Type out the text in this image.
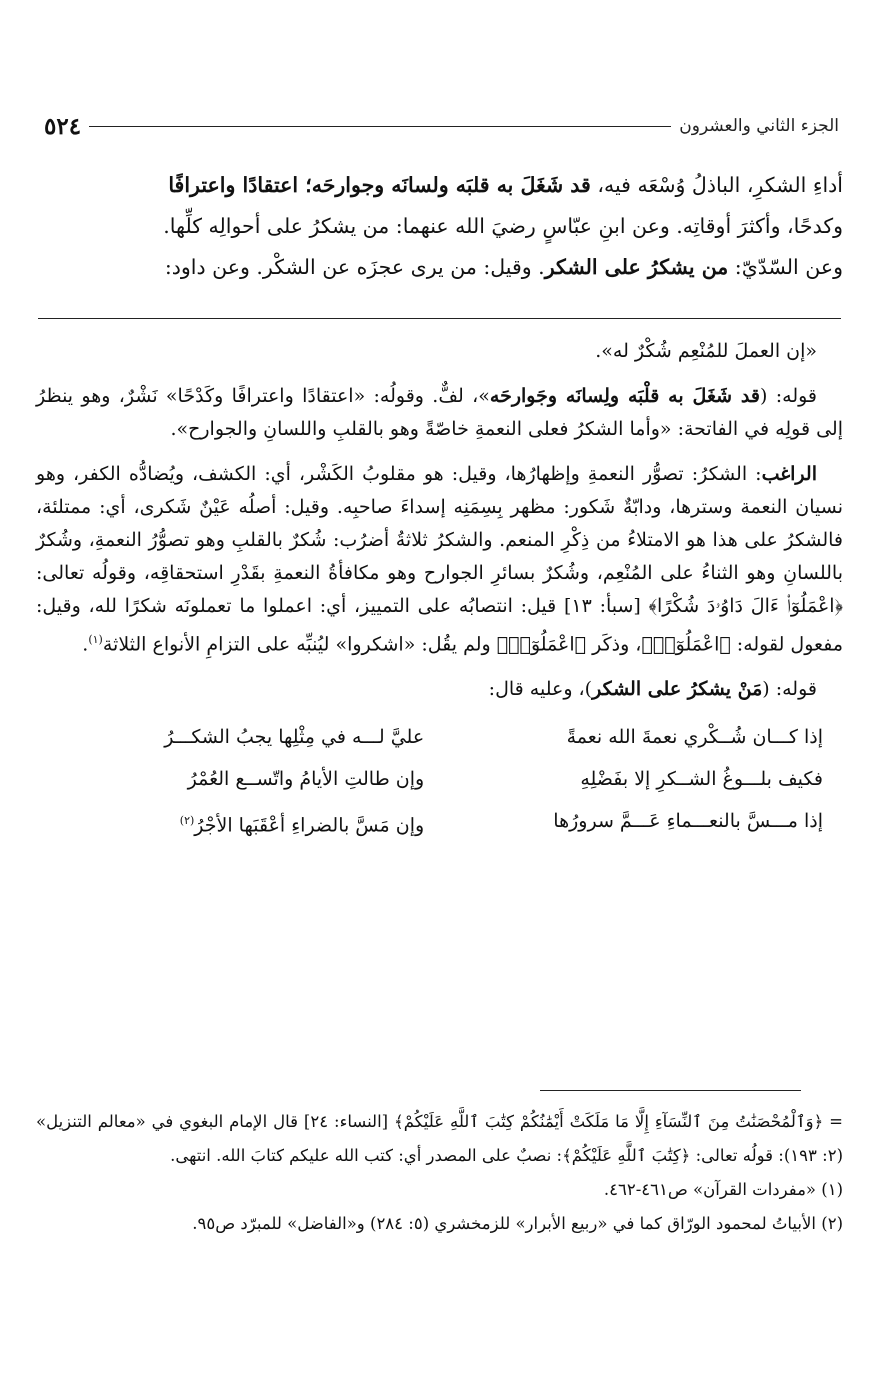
الجزء الثاني والعشرون
٥٢٤

أداءِ الشكرِ، الباذلُ وُسْعَه فيه، قد شَغَلَ به قلبَه ولسانَه وجوارحَه؛ اعتقادًا واعترافًا

وكدحًا، وأكثرَ أوقاتِه. وعن ابنِ عبّاسٍ رضيَ الله عنهما: من يشكرُ على أحوالِه كلِّها.

وعن السّدّيّ: من يشكرُ على الشكر. وقيل: من يرى عجزَه عن الشكْر. وعن داود:

«إن العملَ للمُنْعِم شُكْرٌ له».

قوله: (قد شَغَلَ به قلْبَه ولِسانَه وجَوارحَه»، لفٌّ. وقولُه: «اعتقادًا واعترافًا وكَدْحًا» نَشْرٌ، وهو ينظرُ إلى قولِه في الفاتحة: «وأما الشكرُ فعلى النعمةِ خاصّةً وهو بالقلبِ واللسانِ والجوارح».

الراغب: الشكرُ: تصوُّر النعمةِ وإظهارُها، وقيل: هو مقلوبُ الكَشْر، أي: الكشف، ويُضادُّه الكفر، وهو نسيان النعمة وسترها، ودابّةٌ شَكور: مظهر بِسِمَنِه إسداءَ صاحبِه. وقيل: أصلُه عَيْنٌ شَكرى، أي: ممتلئة، فالشكرُ على هذا هو الامتلاءُ من ذِكْرِ المنعم. والشكرُ ثلاثةُ أضرُب: شُكرٌ بالقلبِ وهو تصوُّرُ النعمةِ، وشُكرٌ باللسانِ وهو الثناءُ على المُنْعِم، وشُكرٌ بسائرِ الجوارح وهو مكافأةُ النعمةِ بقَدْرِ استحقاقِه، وقولُه تعالى: ﴿اعْمَلُوٓا۟ ءَالَ دَاوُۥدَ شُكْرًا﴾ [سبأ: ١٣] قيل: انتصابُه على التمييز، أي: اعملوا ما تعملونَه شكرًا لله، وقيل: مفعول لقوله: ﴿اعْمَلُوٓا۟﴾، وذكَر ﴿اعْمَلُوٓا۟﴾ ولم يقُل: «اشكروا» ليُنبِّه على التزامِ الأنواع الثلاثة$^{(١)}$.

قوله: (مَنْ يشكرُ على الشكر)، وعليه قال:

إذا كـــان شُــكْري نعمةَ الله نعمةً
عليَّ لـــه في مِثْلِها يجبُ الشكـــرُ
فكيف بلـــوغُ الشــكرِ إلا بفَضْلِهِ
وإن طالتِ الأيامُ واتّســع العُمْرُ
إذا مـــسَّ بالنعـــماءِ عَـــمَّ سرورُها
وإن مَسَّ بالضراءِ أعْقَبَها الأجْرُ$^{(٢)}$

= ﴿وَٱلْمُحْصَنَٰتُ مِنَ ٱلنِّسَآءِ إِلَّا مَا مَلَكَتْ أَيْمَٰنُكُمْ كِتَٰبَ ٱللَّهِ عَلَيْكُمْ﴾ [النساء: ٢٤] قال الإمام البغوي في «معالم التنزيل» (٢: ١٩٣): قولُه تعالى: ﴿كِتَٰبَ ٱللَّهِ عَلَيْكُمْ﴾: نصبٌ على المصدر أي: كتب الله عليكم كتابَ الله. انتهى.

(١) «مفردات القرآن» ص٤٦١-٤٦٢.

(٢) الأبياتُ لمحمود الورّاق كما في «ربيع الأبرار» للزمخشري (٥: ٢٨٤) و«الفاضل» للمبرّد ص٩٥.
